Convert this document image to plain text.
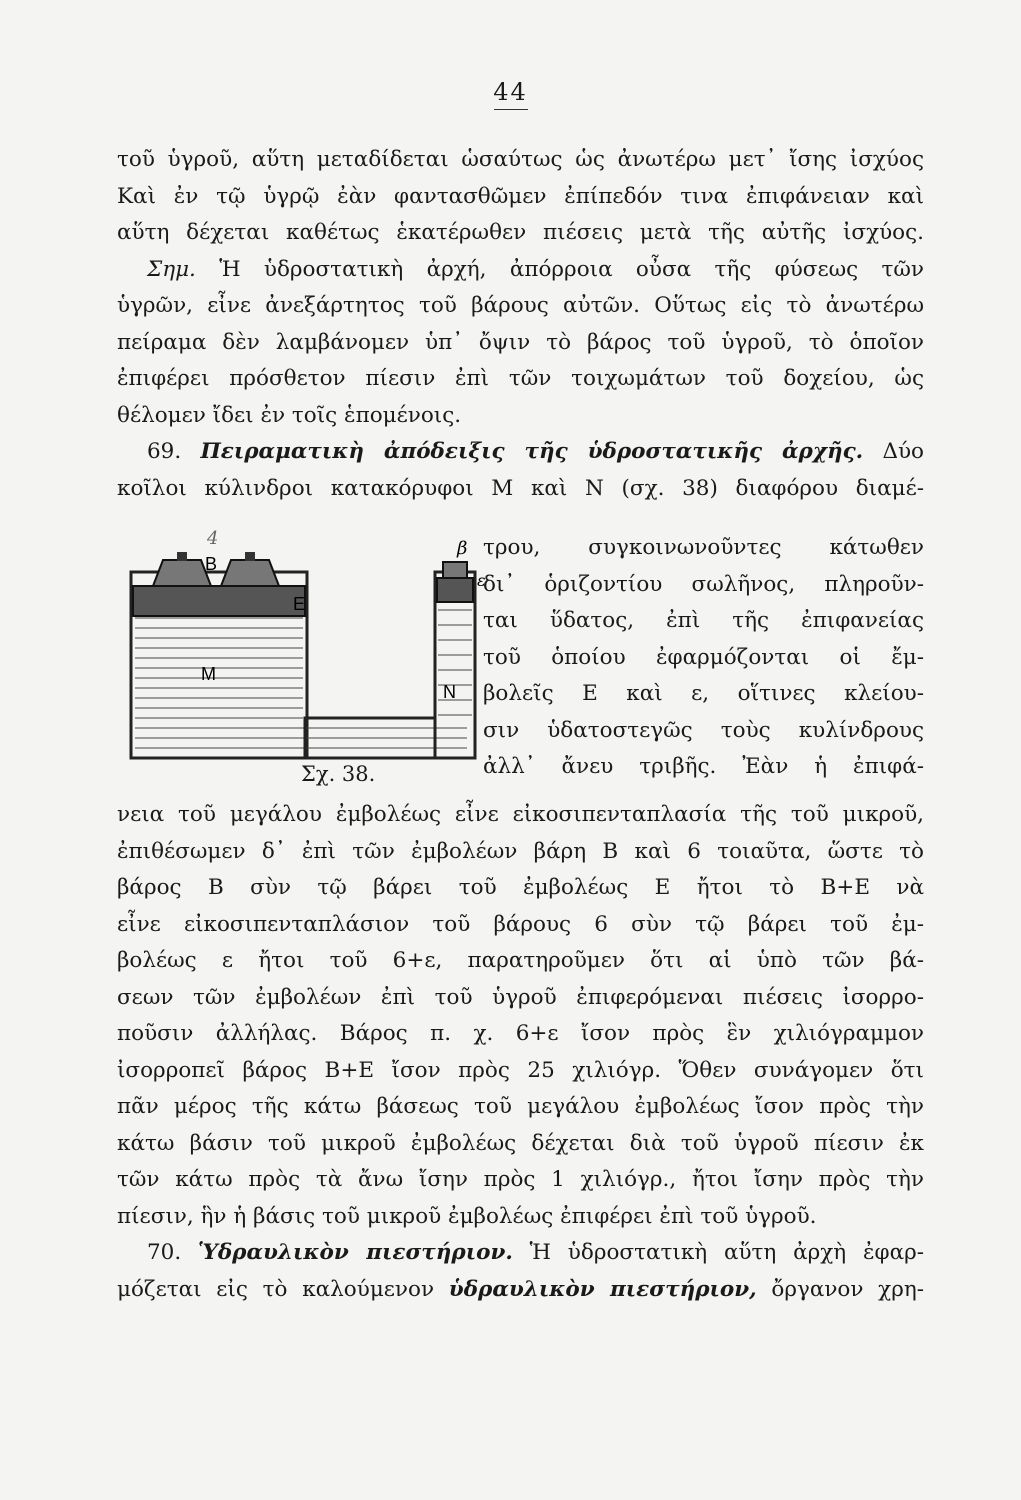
44
τοῦ ὑγροῦ, αὕτη μεταδίδεται ὡσαύτως ὡς ἀνωτέρω μετ᾽ ἴσης ἰσχύος
Καὶ ἐν τῷ ὑγρῷ ἐὰν φαντασθῶμεν ἐπίπεδόν τινα ἐπιφάνειαν καὶ
αὕτη δέχεται καθέτως ἑκατέρωθεν πιέσεις μετὰ τῆς αὐτῆς ἰσχύος.
Σημ. Ἡ ὑδροστατικὴ ἀρχή, ἀπόρροια οὖσα τῆς φύσεως τῶν
ὑγρῶν, εἶνε ἀνεξάρτητος τοῦ βάρους αὐτῶν. Οὕτως εἰς τὸ ἀνωτέρω
πείραμα δὲν λαμβάνομεν ὑπ᾽ ὄψιν τὸ βάρος τοῦ ὑγροῦ, τὸ ὁποῖον
ἐπιφέρει πρόσθετον πίεσιν ἐπὶ τῶν τοιχωμάτων τοῦ δοχείου, ὡς
θέλομεν ἴδει ἐν τοῖς ἑπομένοις.
69. Πειραματικὴ ἀπόδειξις τῆς ὑδροστατικῆς ἀρχῆς. Δύο
κοῖλοι κύλινδροι κατακόρυφοι Μ καὶ Ν (σχ. 38) διαφόρου διαμέ-
B
E
M
N
β
ε
4
Σχ. 38.
τρου, συγκοινωνοῦντες κάτωθεν
δι᾽ ὁριζοντίου σωλῆνος, πληροῦν-
ται ὕδατος, ἐπὶ τῆς ἐπιφανείας
τοῦ ὁποίου ἐφαρμόζονται οἱ ἔμ-
βολεῖς Ε καὶ ε, οἵτινες κλείου-
σιν ὑδατοστεγῶς τοὺς κυλίνδρους
ἀλλ᾽ ἄνευ τριβῆς. Ἐὰν ἡ ἐπιφά-
νεια τοῦ μεγάλου ἐμβολέως εἶνε εἰκοσιπενταπλασία τῆς τοῦ μικροῦ,
ἐπιθέσωμεν δ᾽ ἐπὶ τῶν ἐμβολέων βάρη Β καὶ 6 τοιαῦτα, ὥστε τὸ
βάρος Β σὺν τῷ βάρει τοῦ ἐμβολέως Ε ἤτοι τὸ Β+Ε νὰ
εἶνε εἰκοσιπενταπλάσιον τοῦ βάρους 6 σὺν τῷ βάρει τοῦ ἐμ-
βολέως ε ἤτοι τοῦ 6+ε, παρατηροῦμεν ὅτι αἱ ὑπὸ τῶν βά-
σεων τῶν ἐμβολέων ἐπὶ τοῦ ὑγροῦ ἐπιφερόμεναι πιέσεις ἰσορρο-
ποῦσιν ἀλλήλας. Βάρος π. χ. 6+ε ἴσον πρὸς ἓν χιλιόγραμμον
ἰσορροπεῖ βάρος Β+Ε ἴσον πρὸς 25 χιλιόγρ. Ὅθεν συνάγομεν ὅτι
πᾶν μέρος τῆς κάτω βάσεως τοῦ μεγάλου ἐμβολέως ἴσον πρὸς τὴν
κάτω βάσιν τοῦ μικροῦ ἐμβολέως δέχεται διὰ τοῦ ὑγροῦ πίεσιν ἐκ
τῶν κάτω πρὸς τὰ ἄνω ἴσην πρὸς 1 χιλιόγρ., ἤτοι ἴσην πρὸς τὴν
πίεσιν, ἣν ἡ βάσις τοῦ μικροῦ ἐμβολέως ἐπιφέρει ἐπὶ τοῦ ὑγροῦ.
70. Ὑδραυλικὸν πιεστήριον. Ἡ ὑδροστατικὴ αὕτη ἀρχὴ ἐφαρ-
μόζεται εἰς τὸ καλούμενον ὑδραυλικὸν πιεστήριον, ὄργανον χρη-
